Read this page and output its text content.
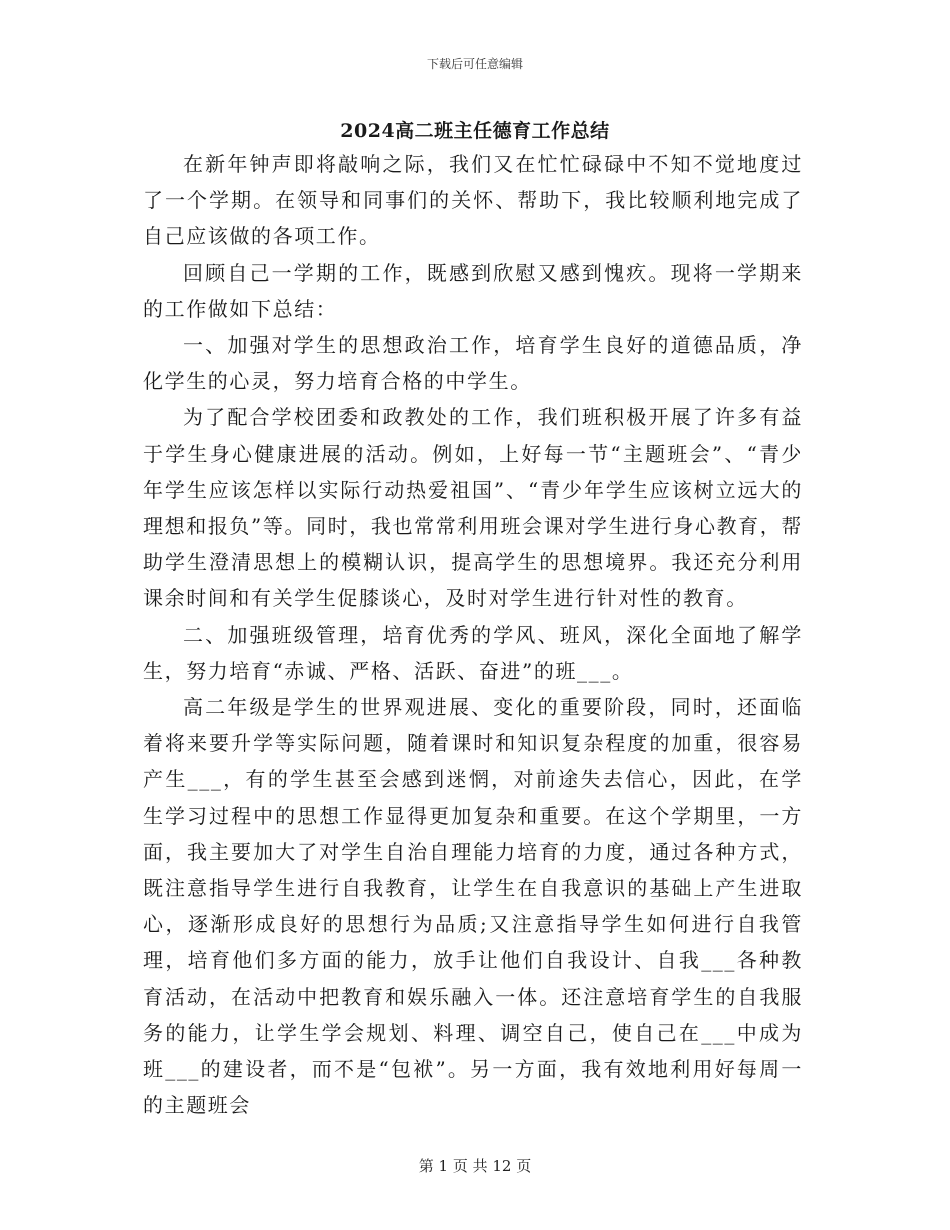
下载后可任意编辑
2024高二班主任德育工作总结

在新年钟声即将敲响之际，我们又在忙忙碌碌中不知不觉地度过了一个学期。在领导和同事们的关怀、帮助下，我比较顺利地完成了自己应该做的各项工作。

回顾自己一学期的工作，既感到欣慰又感到愧疚。现将一学期来的工作做如下总结：

一、加强对学生的思想政治工作，培育学生良好的道德品质，净化学生的心灵，努力培育合格的中学生。

为了配合学校团委和政教处的工作，我们班积极开展了许多有益于学生身心健康进展的活动。例如，上好每一节“主题班会”、“青少年学生应该怎样以实际行动热爱祖国”、“青少年学生应该树立远大的理想和报负”等。同时，我也常常利用班会课对学生进行身心教育，帮助学生澄清思想上的模糊认识，提高学生的思想境界。我还充分利用课余时间和有关学生促膝谈心，及时对学生进行针对性的教育。

二、加强班级管理，培育优秀的学风、班风，深化全面地了解学生，努力培育“赤诚、严格、活跃、奋进”的班___。

高二年级是学生的世界观进展、变化的重要阶段，同时，还面临着将来要升学等实际问题，随着课时和知识复杂程度的加重，很容易产生___，有的学生甚至会感到迷惘，对前途失去信心，因此，在学生学习过程中的思想工作显得更加复杂和重要。在这个学期里，一方面，我主要加大了对学生自治自理能力培育的力度，通过各种方式，既注意指导学生进行自我教育，让学生在自我意识的基础上产生进取心，逐渐形成良好的思想行为品质;又注意指导学生如何进行自我管理，培育他们多方面的能力，放手让他们自我设计、自我___各种教育活动，在活动中把教育和娱乐融入一体。还注意培育学生的自我服务的能力，让学生学会规划、料理、调空自己，使自己在___中成为班___的建设者，而不是“包袱”。另一方面，我有效地利用好每周一的主题班会

第 1 页 共 12 页
